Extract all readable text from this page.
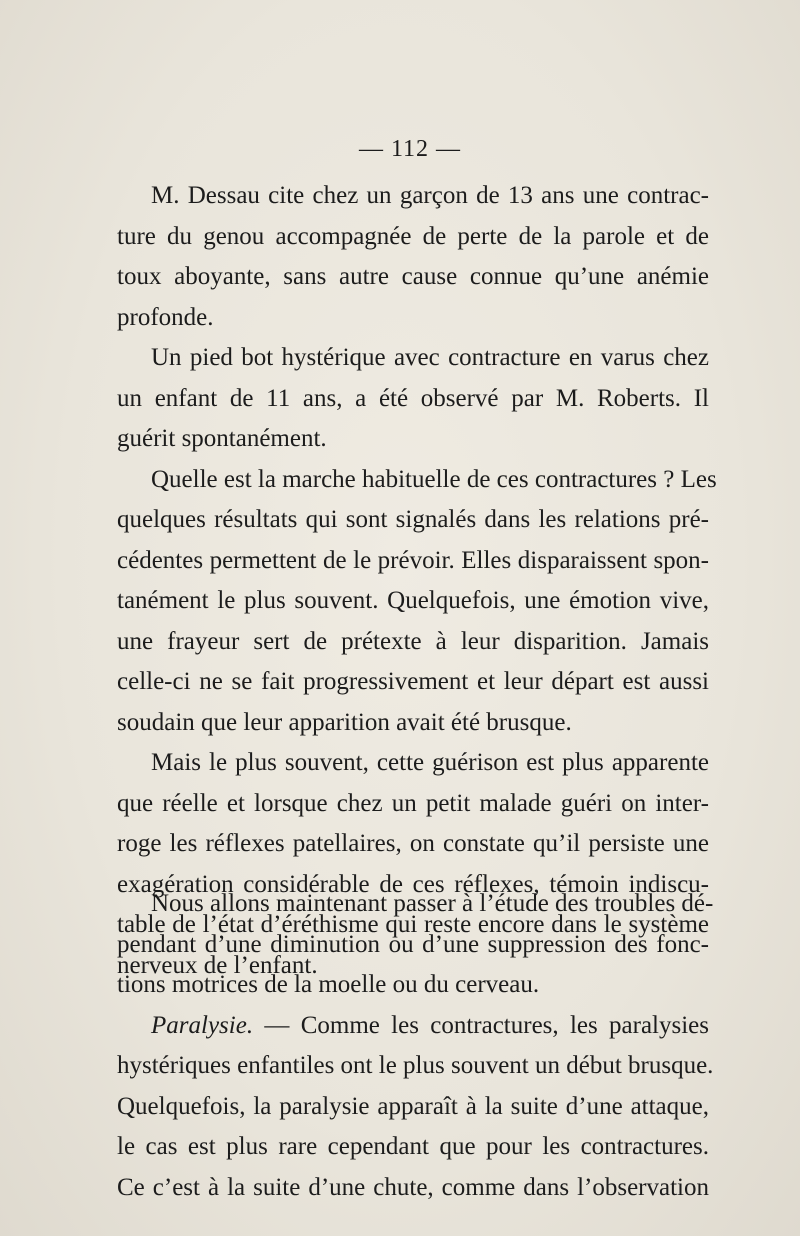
— 112 —
M. Dessau cite chez un garçon de 13 ans une contrac-
ture du genou accompagnée de perte de la parole et de
toux aboyante, sans autre cause connue qu’une anémie
profonde.
Un pied bot hystérique avec contracture en varus chez
un enfant de 11 ans, a été observé par M. Roberts. Il
guérit spontanément.
Quelle est la marche habituelle de ces contractures ? Les
quelques résultats qui sont signalés dans les relations pré-
cédentes permettent de le prévoir. Elles disparaissent spon-
tanément le plus souvent. Quelquefois, une émotion vive,
une frayeur sert de prétexte à leur disparition. Jamais
celle-ci ne se fait progressivement et leur départ est aussi
soudain que leur apparition avait été brusque.
Mais le plus souvent, cette guérison est plus apparente
que réelle et lorsque chez un petit malade guéri on inter-
roge les réflexes patellaires, on constate qu’il persiste une
exagération considérable de ces réflexes, témoin indiscu-
table de l’état d’éréthisme qui reste encore dans le système
nerveux de l’enfant.
Nous allons maintenant passer à l’étude des troubles dé-
pendant d’une diminution ou d’une suppression des fonc-
tions motrices de la moelle ou du cerveau.
Paralysie. — Comme les contractures, les paralysies
hystériques enfantiles ont le plus souvent un début brusque.
Quelquefois, la paralysie apparaît à la suite d’une attaque,
le cas est plus rare cependant que pour les contractures.
Ce c’est à la suite d’une chute, comme dans l’observation
